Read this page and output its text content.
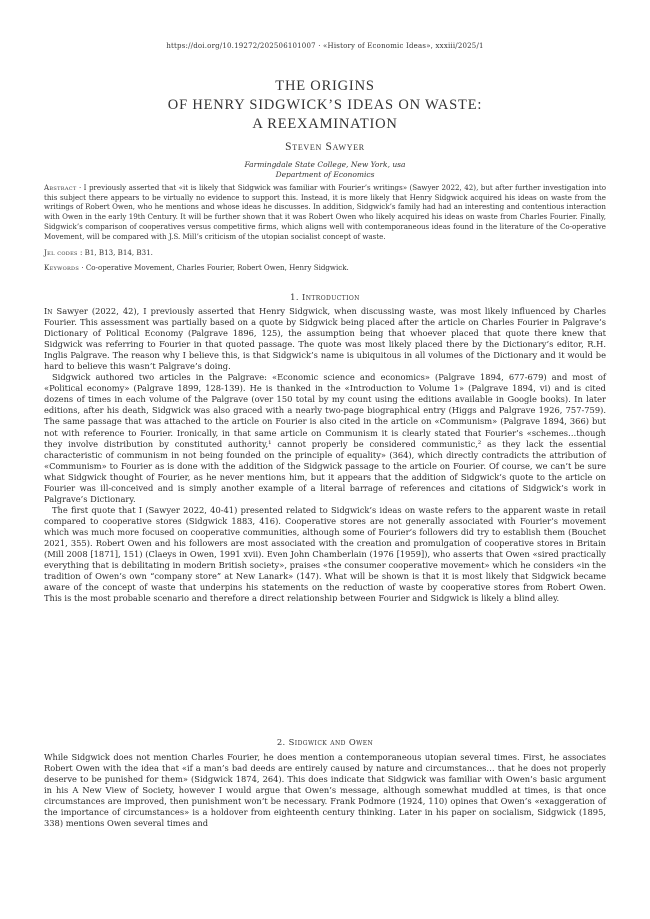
https://doi.org/10.19272/202506101007 · «History of Economic Ideas», xxxiii/2025/1
THE ORIGINS
OF HENRY SIDGWICK’S IDEAS ON WASTE:
A REEXAMINATION
Steven Sawyer
Farmingdale State College, New York, usa
Department of Economics
Abstract · I previously asserted that «it is likely that Sidgwick was familiar with Fourier’s writings» (Sawyer 2022, 42), but after further investigation into this subject there appears to be virtually no evidence to support this. Instead, it is more likely that Henry Sidgwick acquired his ideas on waste from the writings of Robert Owen, who he mentions and whose ideas he discusses. In addition, Sidgwick’s family had had an interesting and contentious interaction with Owen in the early 19th Century. It will be further shown that it was Robert Owen who likely acquired his ideas on waste from Charles Fourier. Finally, Sidgwick’s comparison of cooperatives versus competitive firms, which aligns well with contemporaneous ideas found in the literature of the Co-operative Movement, will be compared with J.S. Mill’s criticism of the utopian socialist concept of waste.
Jel codes : B1, B13, B14, B31.
Keywords · Co-operative Movement, Charles Fourier, Robert Owen, Henry Sidgwick.
1. Introduction

In Sawyer (2022, 42), I previously asserted that Henry Sidgwick, when discussing waste, was most likely influenced by Charles Fourier. This assessment was partially based on a quote by Sidgwick being placed after the article on Charles Fourier in Palgrave’s Dictionary of Political Economy (Palgrave 1896, 125), the assumption being that whoever placed that quote there knew that Sidgwick was referring to Fourier in that quoted passage. The quote was most likely placed there by the Dictionary’s editor, R.H. Inglis Palgrave. The reason why I believe this, is that Sidgwick’s name is ubiquitous in all volumes of the Dictionary and it would be hard to believe this wasn’t Palgrave’s doing.

Sidgwick authored two articles in the Palgrave: «Economic science and economics» (Palgrave 1894, 677-679) and most of «Political economy» (Palgrave 1899, 128-139). He is thanked in the «Introduction to Volume 1» (Palgrave 1894, vi) and is cited dozens of times in each volume of the Palgrave (over 150 total by my count using the editions available in Google books). In later editions, after his death, Sidgwick was also graced with a nearly two-page biographical entry (Higgs and Palgrave 1926, 757-759). The same passage that was attached to the article on Fourier is also cited in the article on «Communism» (Palgrave 1894, 366) but not with reference to Fourier. Ironically, in that same article on Communism it is clearly stated that Fourier’s «schemes…though they involve distribution by constituted authority,¹ cannot properly be considered communistic,² as they lack the essential characteristic of communism in not being founded on the principle of equality» (364), which directly contradicts the attribution of «Communism» to Fourier as is done with the addition of the Sidgwick passage to the article on Fourier. Of course, we can’t be sure what Sidgwick thought of Fourier, as he never mentions him, but it appears that the addition of Sidgwick’s quote to the article on Fourier was ill-conceived and is simply another example of a literal barrage of references and citations of Sidgwick’s work in Palgrave’s Dictionary.

The first quote that I (Sawyer 2022, 40-41) presented related to Sidgwick’s ideas on waste refers to the apparent waste in retail compared to cooperative stores (Sidgwick 1883, 416). Cooperative stores are not generally associated with Fourier’s movement which was much more focused on cooperative communities, although some of Fourier’s followers did try to establish them (Bouchet 2021, 355). Robert Owen and his followers are most associated with the creation and promulgation of cooperative stores in Britain (Mill 2008 [1871], 151) (Claeys in Owen, 1991 xvii). Even John Chamberlain (1976 [1959]), who asserts that Owen «sired practically everything that is debilitating in modern British society», praises «the consumer cooperative movement» which he considers «in the tradition of Owen’s own “company store” at New Lanark» (147). What will be shown is that it is most likely that Sidgwick became aware of the concept of waste that underpins his statements on the reduction of waste by cooperative stores from Robert Owen. This is the most probable scenario and therefore a direct relationship between Fourier and Sidgwick is likely a blind alley.

2. Sidgwick and Owen

While Sidgwick does not mention Charles Fourier, he does mention a contemporaneous utopian several times. First, he associates Robert Owen with the idea that «if a man’s bad deeds are entirely caused by nature and circumstances… that he does not properly deserve to be punished for them» (Sidgwick 1874, 264). This does indicate that Sidgwick was familiar with Owen’s basic argument in his A New View of Society, however I would argue that Owen’s message, although somewhat muddled at times, is that once circumstances are improved, then punishment won’t be necessary. Frank Podmore (1924, 110) opines that Owen’s «exaggeration of the importance of circumstances» is a holdover from eighteenth century thinking. Later in his paper on socialism, Sidgwick (1895, 338) mentions Owen several times and
